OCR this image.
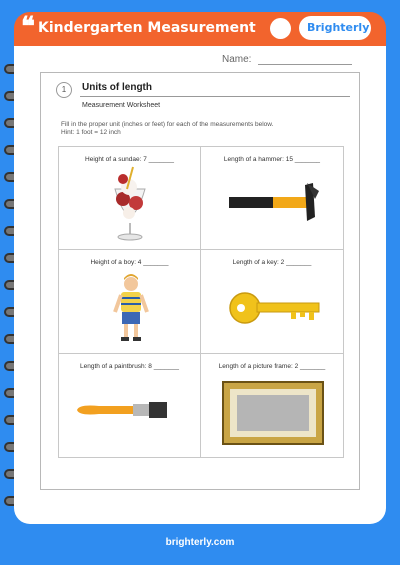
❝ Kindergarten Measurement	Brighterly
Name:
1	Units of length
Measurement Worksheet
Fill in the proper unit (inches or feet) for each of the measurements below.
Hint: 1 foot = 12 inch
Height of a sundae: 7 _______	Length of a hammer: 15 _______
Height of a boy: 4 _______	Length of a key: 2 _______
Length of a paintbrush: 8 _______	Length of a picture frame: 2 _______
brighterly.com
